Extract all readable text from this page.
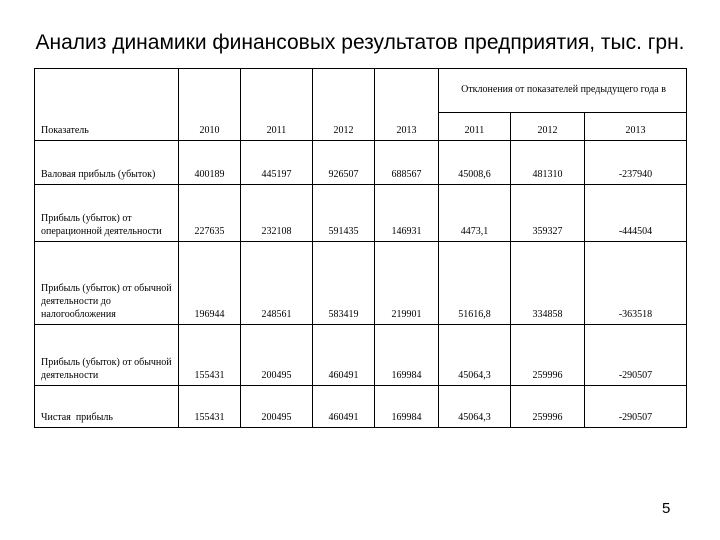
Анализ динамики финансовых результатов предприятия, тыс. грн.
Показатель	2010	2011	2012	2013	Отклонения от показателей предыдущего года в		
					2011	2012	2013
Валовая прибыль (убыток)	400189	445197	926507	688567	45008,6	481310	-237940
Прибыль (убыток) от операционной деятельности	227635	232108	591435	146931	4473,1	359327	-444504
Прибыль (убыток) от обычной деятельности до налогообложения	196944	248561	583419	219901	51616,8	334858	-363518
Прибыль (убыток) от обычной деятельности	155431	200495	460491	169984	45064,3	259996	-290507
Чистая  прибыль	155431	200495	460491	169984	45064,3	259996	-290507
5
